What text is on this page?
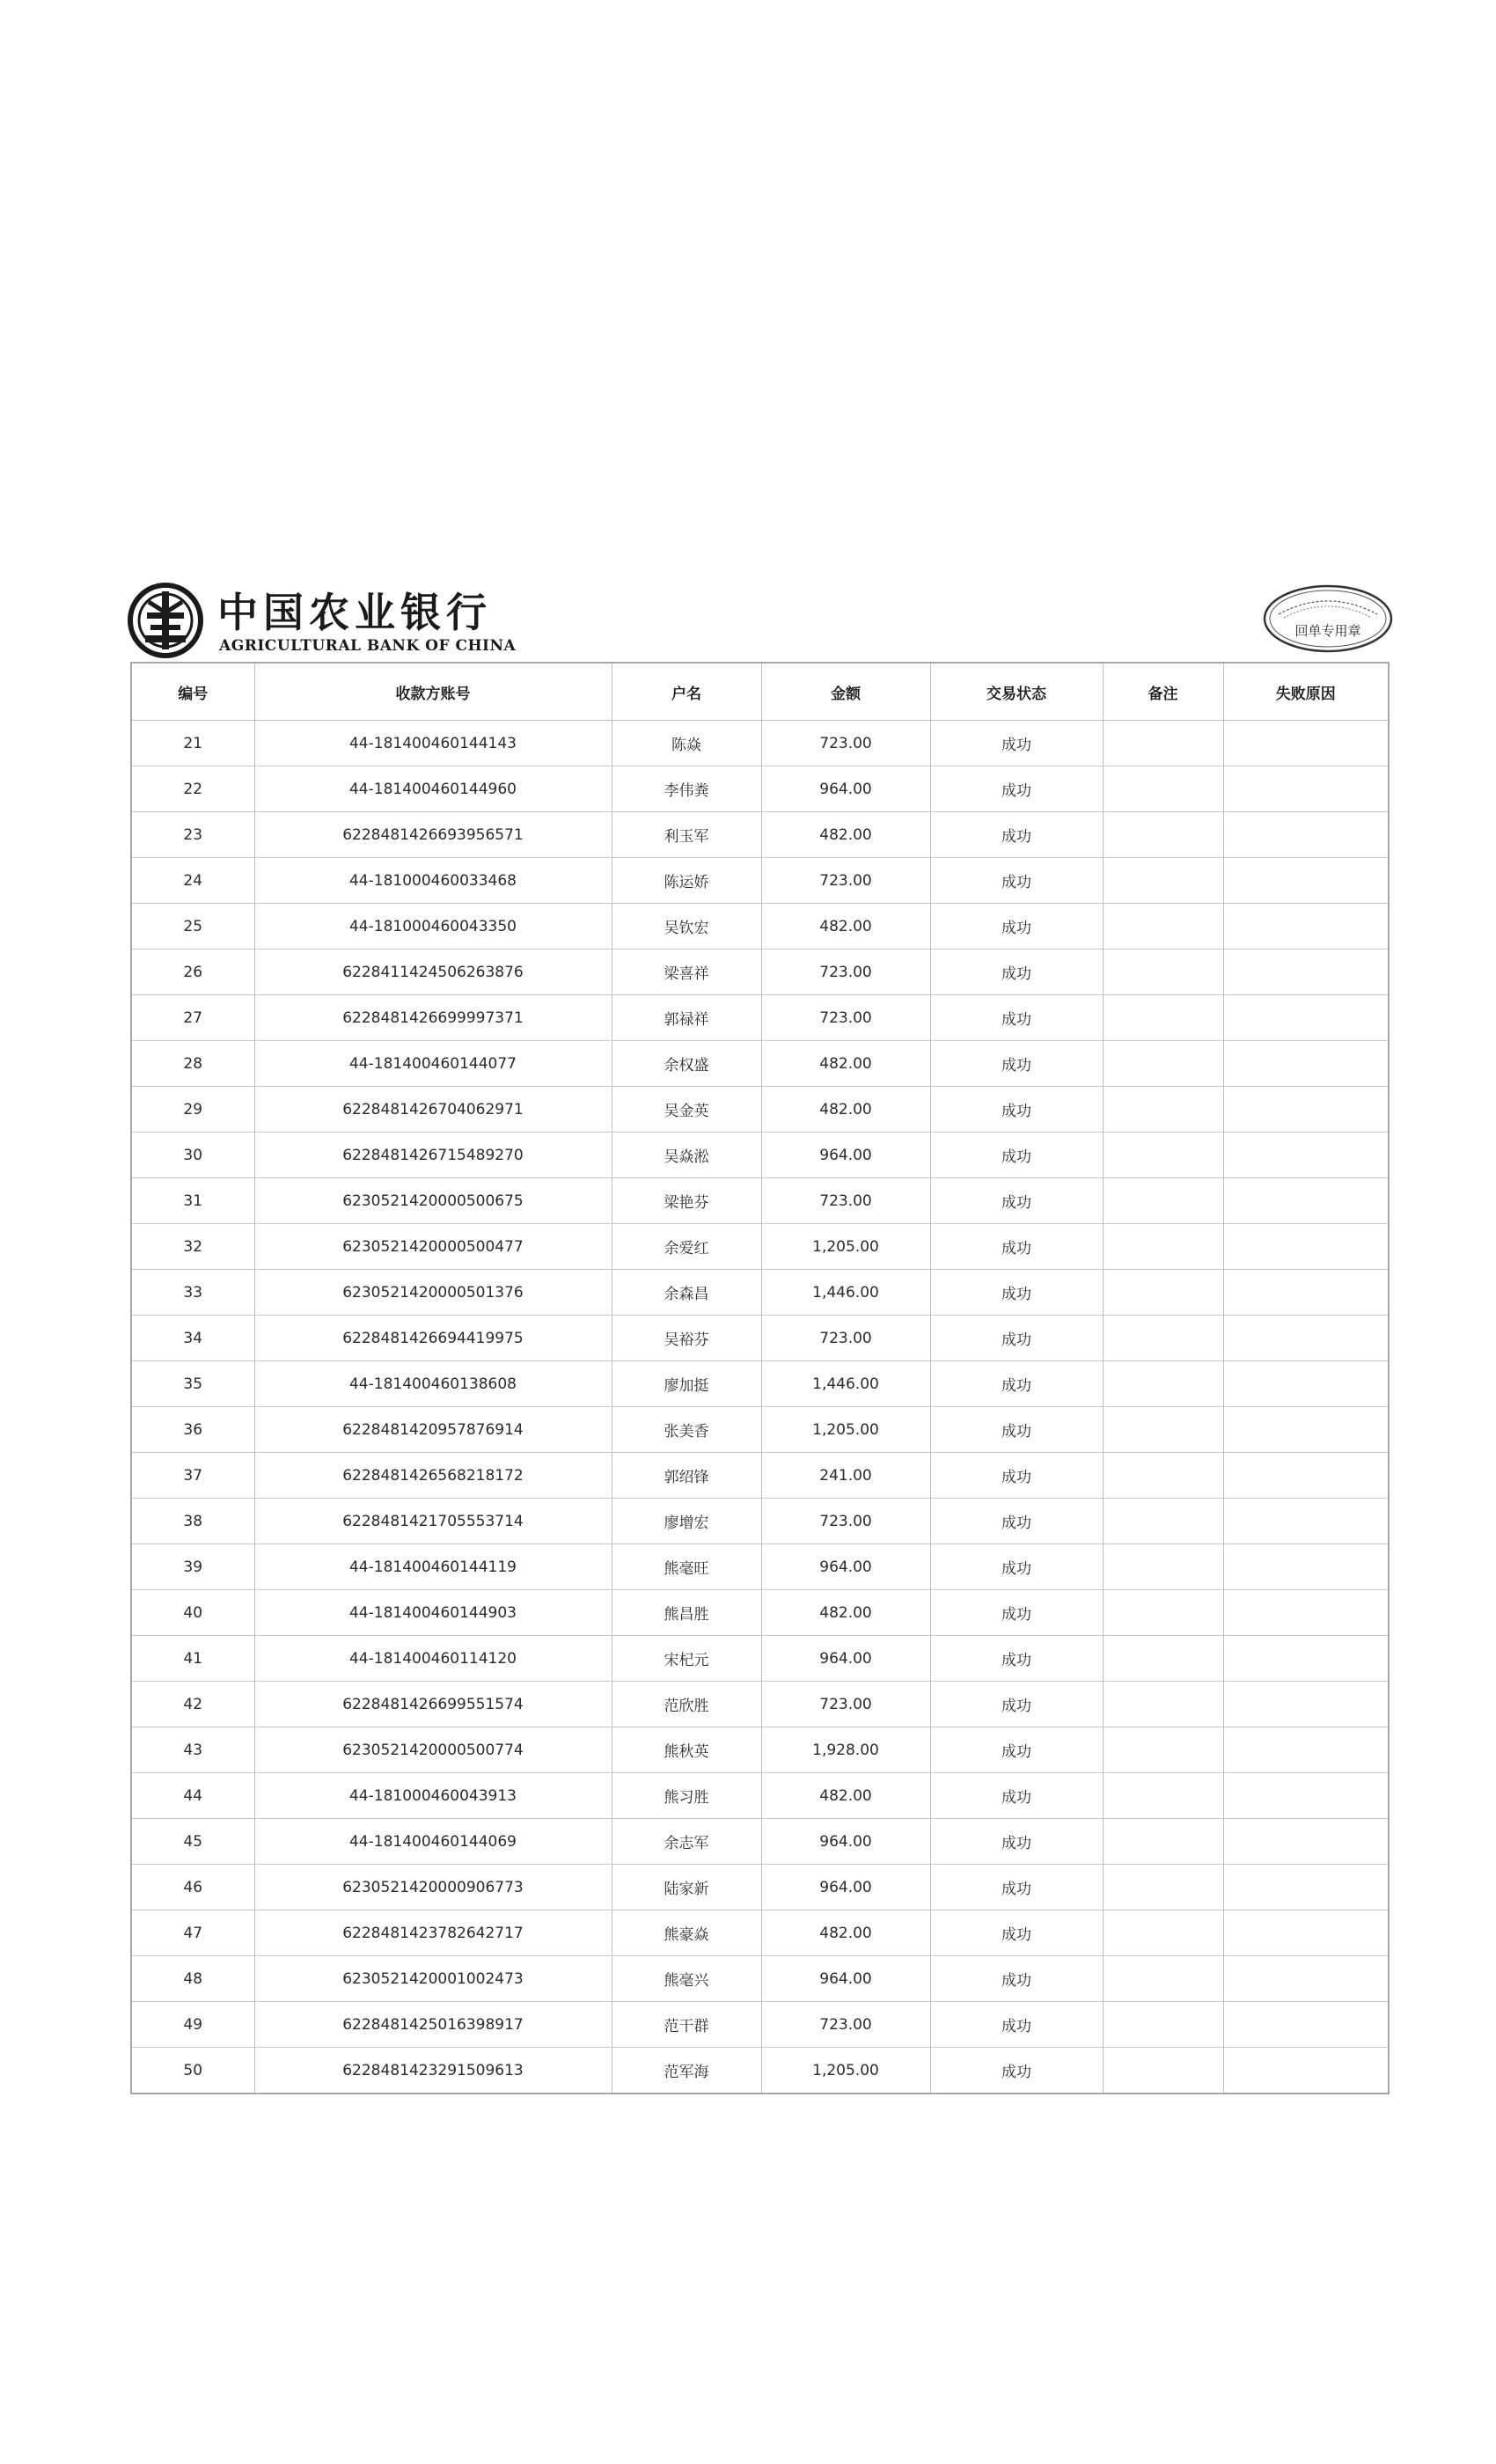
中国农业银行
AGRICULTURAL BANK OF CHINA
回单专用章
编号	收款方账号	户名	金额	交易状态	备注	失败原因
21	44-181400460144143	陈焱	723.00	成功		
22	44-181400460144960	李伟粪	964.00	成功		
23	6228481426693956571	利玉军	482.00	成功		
24	44-181000460033468	陈运娇	723.00	成功		
25	44-181000460043350	吴钦宏	482.00	成功		
26	6228411424506263876	梁喜祥	723.00	成功		
27	6228481426699997371	郭禄祥	723.00	成功		
28	44-181400460144077	余权盛	482.00	成功		
29	6228481426704062971	吴金英	482.00	成功		
30	6228481426715489270	吴焱淞	964.00	成功		
31	6230521420000500675	梁艳芬	723.00	成功		
32	6230521420000500477	余爱红	1,205.00	成功		
33	6230521420000501376	余森昌	1,446.00	成功		
34	6228481426694419975	吴裕芬	723.00	成功		
35	44-181400460138608	廖加挺	1,446.00	成功		
36	6228481420957876914	张美香	1,205.00	成功		
37	6228481426568218172	郭绍锋	241.00	成功		
38	6228481421705553714	廖增宏	723.00	成功		
39	44-181400460144119	熊毫旺	964.00	成功		
40	44-181400460144903	熊昌胜	482.00	成功		
41	44-181400460114120	宋杞元	964.00	成功		
42	6228481426699551574	范欣胜	723.00	成功		
43	6230521420000500774	熊秋英	1,928.00	成功		
44	44-181000460043913	熊习胜	482.00	成功		
45	44-181400460144069	余志军	964.00	成功		
46	6230521420000906773	陆家新	964.00	成功		
47	6228481423782642717	熊豪焱	482.00	成功		
48	6230521420001002473	熊毫兴	964.00	成功		
49	6228481425016398917	范干群	723.00	成功		
50	6228481423291509613	范军海	1,205.00	成功		
